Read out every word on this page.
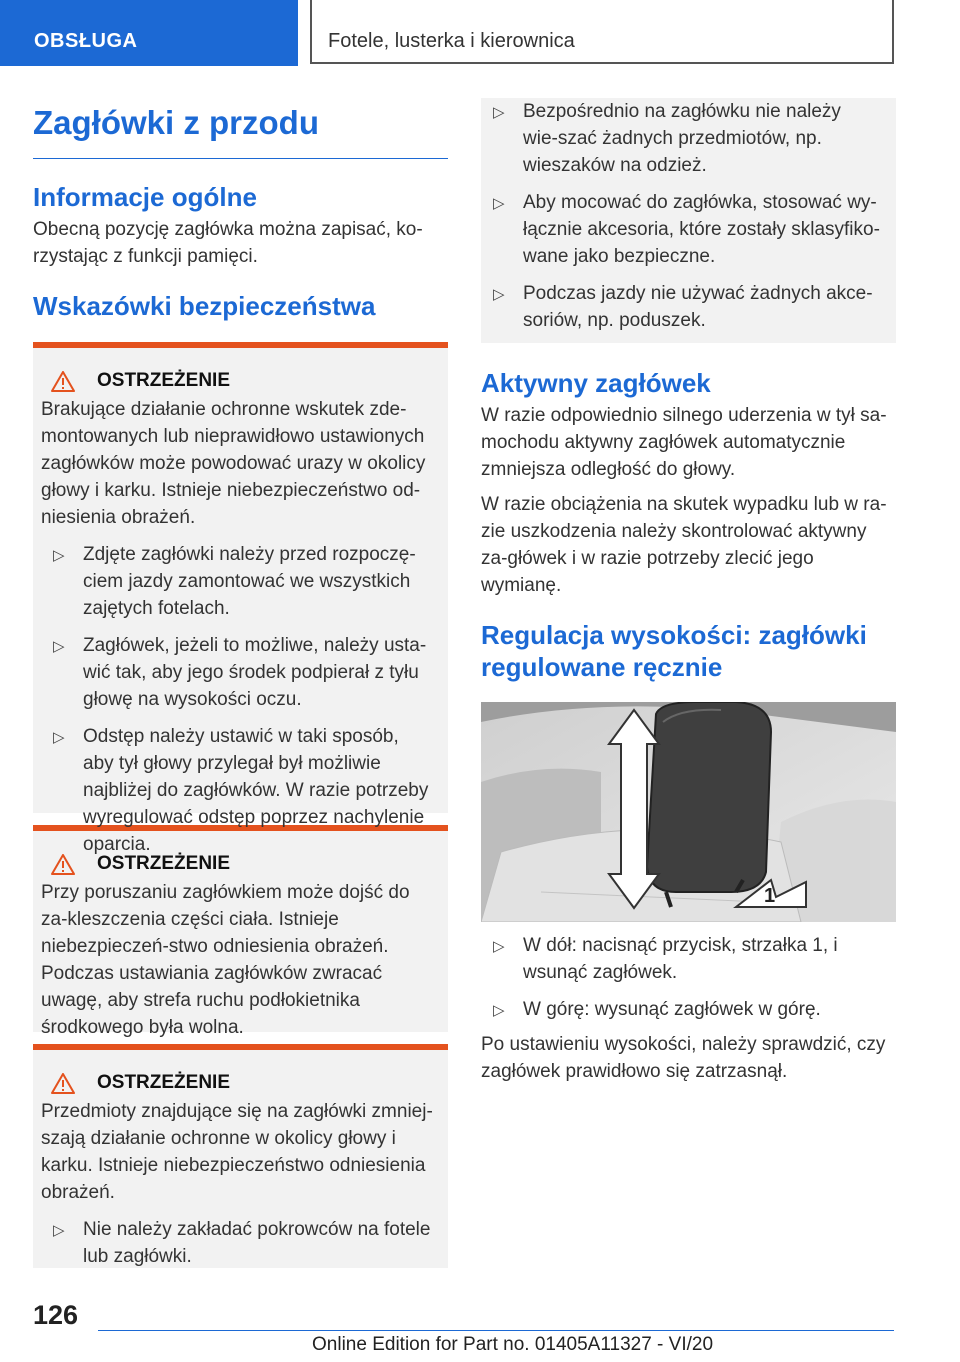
OBSŁUGA	Fotele, lusterka i kierownica
Zagłówki z przodu
Informacje ogólne

Obecną pozycję zagłówka można zapisać, ko‐rzystając z funkcji pamięci.

Wskazówki bezpieczeństwa
OSTRZEŻENIE

Brakujące działanie ochronne wskutek zde‐montowanych lub nieprawidłowo ustawionych zagłówków może powodować urazy w okolicy głowy i karku. Istnieje niebezpieczeństwo od‐niesienia obrażeń.

▷ Zdjęte zagłówki należy przed rozpoczę‐ciem jazdy zamontować we wszystkich zajętych fotelach.
▷ Zagłówek, jeżeli to możliwe, należy usta‐wić tak, aby jego środek podpierał z tyłu głowę na wysokości oczu.
▷ Odstęp należy ustawić w taki sposób, aby tył głowy przylegał był możliwie najbliżej do zagłówków. W razie potrzeby wyregulować odstęp poprzez nachylenie oparcia.
OSTRZEŻENIE

Przy poruszaniu zagłówkiem może dojść do za‐kleszczenia części ciała. Istnieje niebezpieczeń‐stwo odniesienia obrażeń. Podczas ustawiania zagłówków zwracać uwagę, aby strefa ruchu podłokietnika środkowego była wolna.

OSTRZEŻENIE

Przedmioty znajdujące się na zagłówki zmniej‐szają działanie ochronne w okolicy głowy i karku. Istnieje niebezpieczeństwo odniesienia obrażeń.

▷ Nie należy zakładać pokrowców na fotele lub zagłówki.
▷ Bezpośrednio na zagłówku nie należy wie‐szać żadnych przedmiotów, np. wieszaków na odzież.
▷ Aby mocować do zagłówka, stosować wy‐łącznie akcesoria, które zostały sklasyfiko‐wane jako bezpieczne.
▷ Podczas jazdy nie używać żadnych akce‐soriów, np. poduszek.
Aktywny zagłówek

W razie odpowiednio silnego uderzenia w tył sa‐mochodu aktywny zagłówek automatycznie zmniejsza odległość do głowy.

W razie obciążenia na skutek wypadku lub w ra‐zie uszkodzenia należy skontrolować aktywny za‐główek i w razie potrzeby zlecić jego wymianę.

Regulacja wysokości: zagłówki regulowane ręcznie
1
▷ W dół: nacisnąć przycisk, strzałka 1, i wsunąć zagłówek.
▷ W górę: wysunąć zagłówek w górę.

Po ustawieniu wysokości, należy sprawdzić, czy zagłówek prawidłowo się zatrzasnął.

126
Online Edition for Part no. 01405A11327 - VI/20
